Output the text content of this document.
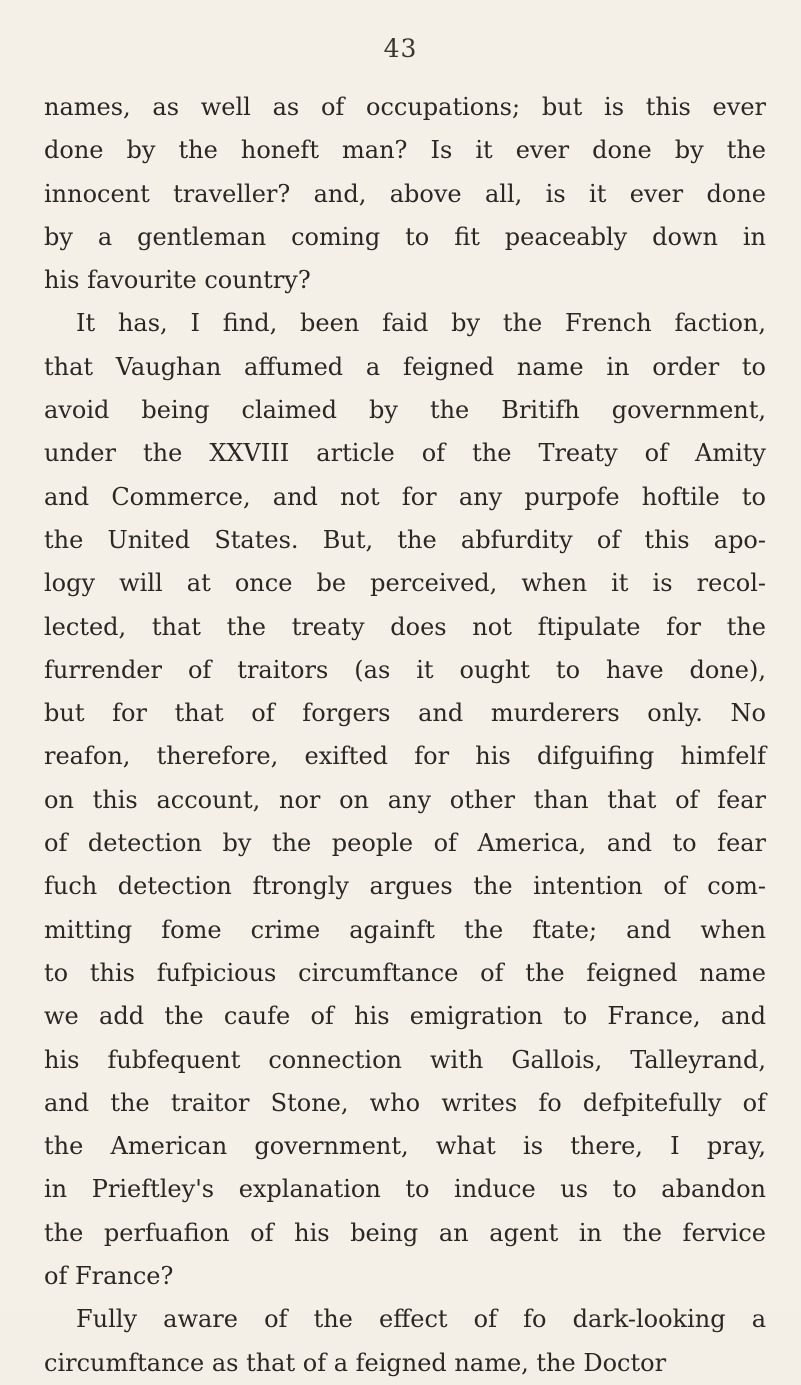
43
names, as well as of occupations; but is this ever
done by the honeft man? Is it ever done by the
innocent traveller? and, above all, is it ever done
by a gentleman coming to fit peaceably down in
his favourite country?
It has, I find, been faid by the French faction,
that Vaughan affumed a feigned name in order to
avoid being claimed by the Britifh government,
under the XXVIII article of the Treaty of Amity
and Commerce, and not for any purpofe hoftile to
the United States. But, the abfurdity of this apo-
logy will at once be perceived, when it is recol-
lected, that the treaty does not ftipulate for the
furrender of traitors (as it ought to have done),
but for that of forgers and murderers only. No
reafon, therefore, exifted for his difguifing himfelf
on this account, nor on any other than that of fear
of detection by the people of America, and to fear
fuch detection ftrongly argues the intention of com-
mitting fome crime againft the ftate; and when
to this fufpicious circumftance of the feigned name
we add the caufe of his emigration to France, and
his fubfequent connection with Gallois, Talleyrand,
and the traitor Stone, who writes fo defpitefully of
the American government, what is there, I pray,
in Prieftley's explanation to induce us to abandon
the perfuafion of his being an agent in the fervice
of France?
Fully aware of the effect of fo dark-looking a
circumftance as that of a feigned name, the Doctor
